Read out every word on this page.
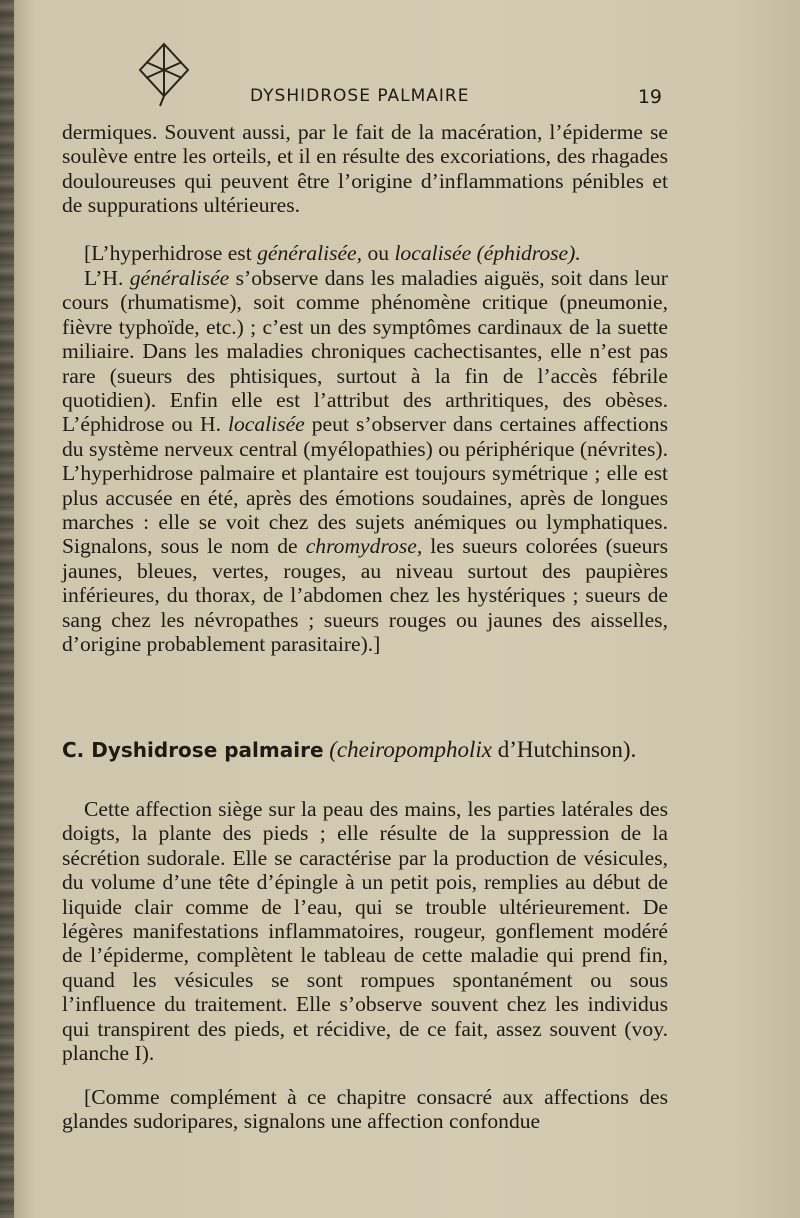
DYSHIDROSE PALMAIRE	19

dermiques. Souvent aussi, par le fait de la macération, l’épiderme se soulève entre les orteils, et il en résulte des excoriations, des rhagades douloureuses qui peuvent être l’origine d’inflammations pénibles et de suppurations ultérieures.

[L’hyperhidrose est généralisée, ou localisée (éphidrose).

L’H. généralisée s’observe dans les maladies aiguës, soit dans leur cours (rhumatisme), soit comme phénomène critique (pneumonie, fièvre typhoïde, etc.) ; c’est un des symptômes cardinaux de la suette miliaire. Dans les maladies chroniques cachectisantes, elle n’est pas rare (sueurs des phtisiques, surtout à la fin de l’accès fébrile quotidien). Enfin elle est l’attribut des arthritiques, des obèses. L’éphidrose ou H. localisée peut s’observer dans certaines affections du système nerveux central (myélopathies) ou périphérique (névrites). L’hyperhidrose palmaire et plantaire est toujours symétrique ; elle est plus accusée en été, après des émotions soudaines, après de longues marches : elle se voit chez des sujets anémiques ou lymphatiques. Signalons, sous le nom de chromydrose, les sueurs colorées (sueurs jaunes, bleues, vertes, rouges, au niveau surtout des paupières inférieures, du thorax, de l’abdomen chez les hystériques ; sueurs de sang chez les névropathes ; sueurs rouges ou jaunes des aisselles, d’origine probablement parasitaire).]

C. Dyshidrose palmaire (cheiropompholix d’Hutchinson).

Cette affection siège sur la peau des mains, les parties latérales des doigts, la plante des pieds ; elle résulte de la suppression de la sécrétion sudorale. Elle se caractérise par la production de vésicules, du volume d’une tête d’épingle à un petit pois, remplies au début de liquide clair comme de l’eau, qui se trouble ultérieurement. De légères manifestations inflammatoires, rougeur, gonflement modéré de l’épiderme, complètent le tableau de cette maladie qui prend fin, quand les vésicules se sont rompues spontanément ou sous l’influence du traitement. Elle s’observe souvent chez les individus qui transpirent des pieds, et récidive, de ce fait, assez souvent (voy. planche I).

[Comme complément à ce chapitre consacré aux affections des glandes sudoripares, signalons une affection confondue
